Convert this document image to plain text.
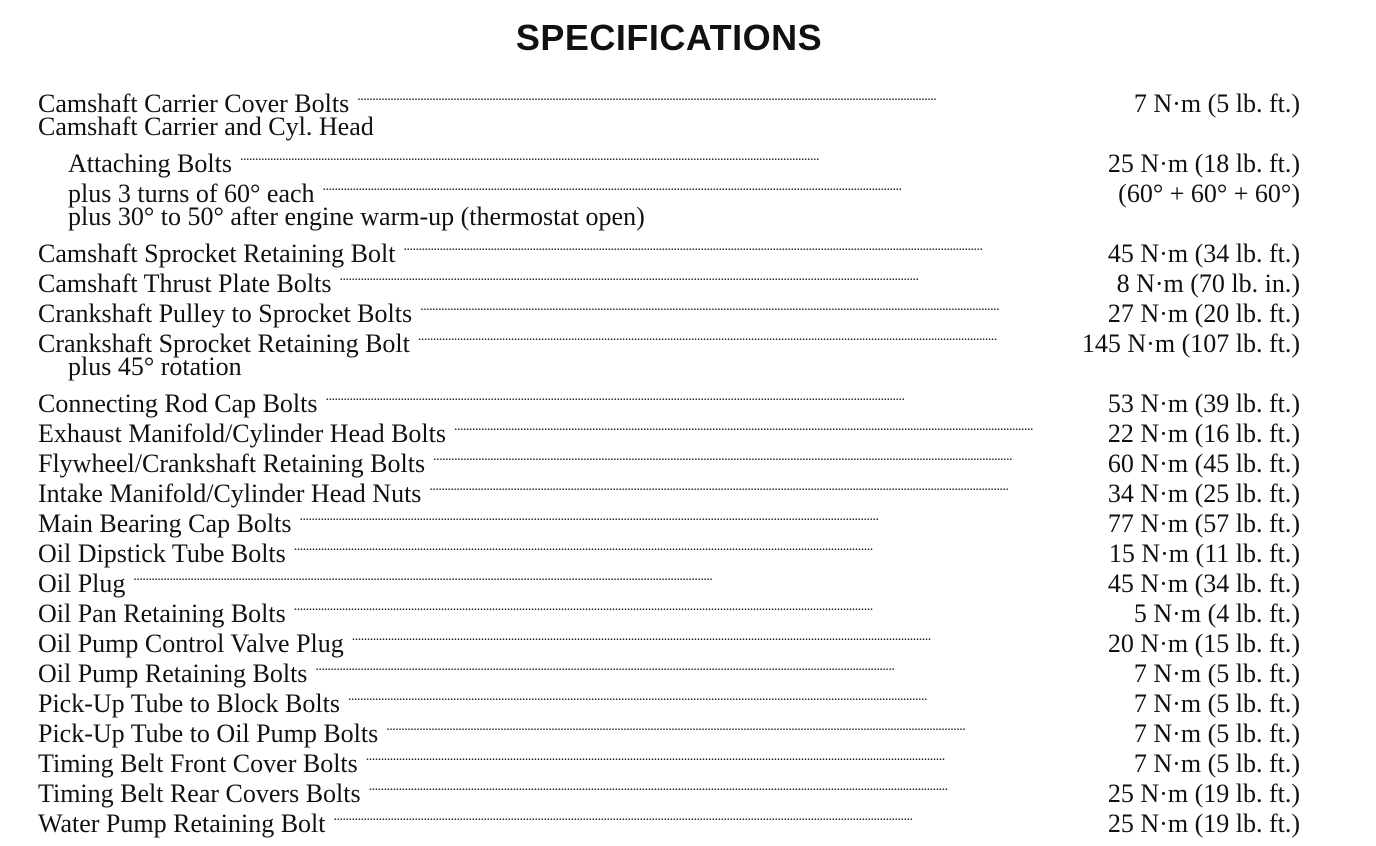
SPECIFICATIONS
Camshaft Carrier Cover Bolts . . .	7 N·m (5 lb. ft.)
Camshaft Carrier and Cyl. Head
Attaching Bolts . . .	25 N·m (18 lb. ft.)
plus 3 turns of 60° each . . .	(60° + 60° + 60°)
plus 30° to 50° after engine warm-up (thermostat open)
Camshaft Sprocket Retaining Bolt . . .	45 N·m (34 lb. ft.)
Camshaft Thrust Plate Bolts . . .	8 N·m (70 lb. in.)
Crankshaft Pulley to Sprocket Bolts . . .	27 N·m (20 lb. ft.)
Crankshaft Sprocket Retaining Bolt . . .	145 N·m (107 lb. ft.)
plus 45° rotation
Connecting Rod Cap Bolts . . .	53 N·m (39 lb. ft.)
Exhaust Manifold/Cylinder Head Bolts . . .	22 N·m (16 lb. ft.)
Flywheel/Crankshaft Retaining Bolts . . .	60 N·m (45 lb. ft.)
Intake Manifold/Cylinder Head Nuts . . .	34 N·m (25 lb. ft.)
Main Bearing Cap Bolts . . .	77 N·m (57 lb. ft.)
Oil Dipstick Tube Bolts . . .	15 N·m (11 lb. ft.)
Oil Plug . . .	45 N·m (34 lb. ft.)
Oil Pan Retaining Bolts . . .	5 N·m (4 lb. ft.)
Oil Pump Control Valve Plug . . .	20 N·m (15 lb. ft.)
Oil Pump Retaining Bolts . . .	7 N·m (5 lb. ft.)
Pick-Up Tube to Block Bolts . . .	7 N·m (5 lb. ft.)
Pick-Up Tube to Oil Pump Bolts . . .	7 N·m (5 lb. ft.)
Timing Belt Front Cover Bolts . . .	7 N·m (5 lb. ft.)
Timing Belt Rear Covers Bolts . . .	25 N·m (19 lb. ft.)
Water Pump Retaining Bolt . . .	25 N·m (19 lb. ft.)
